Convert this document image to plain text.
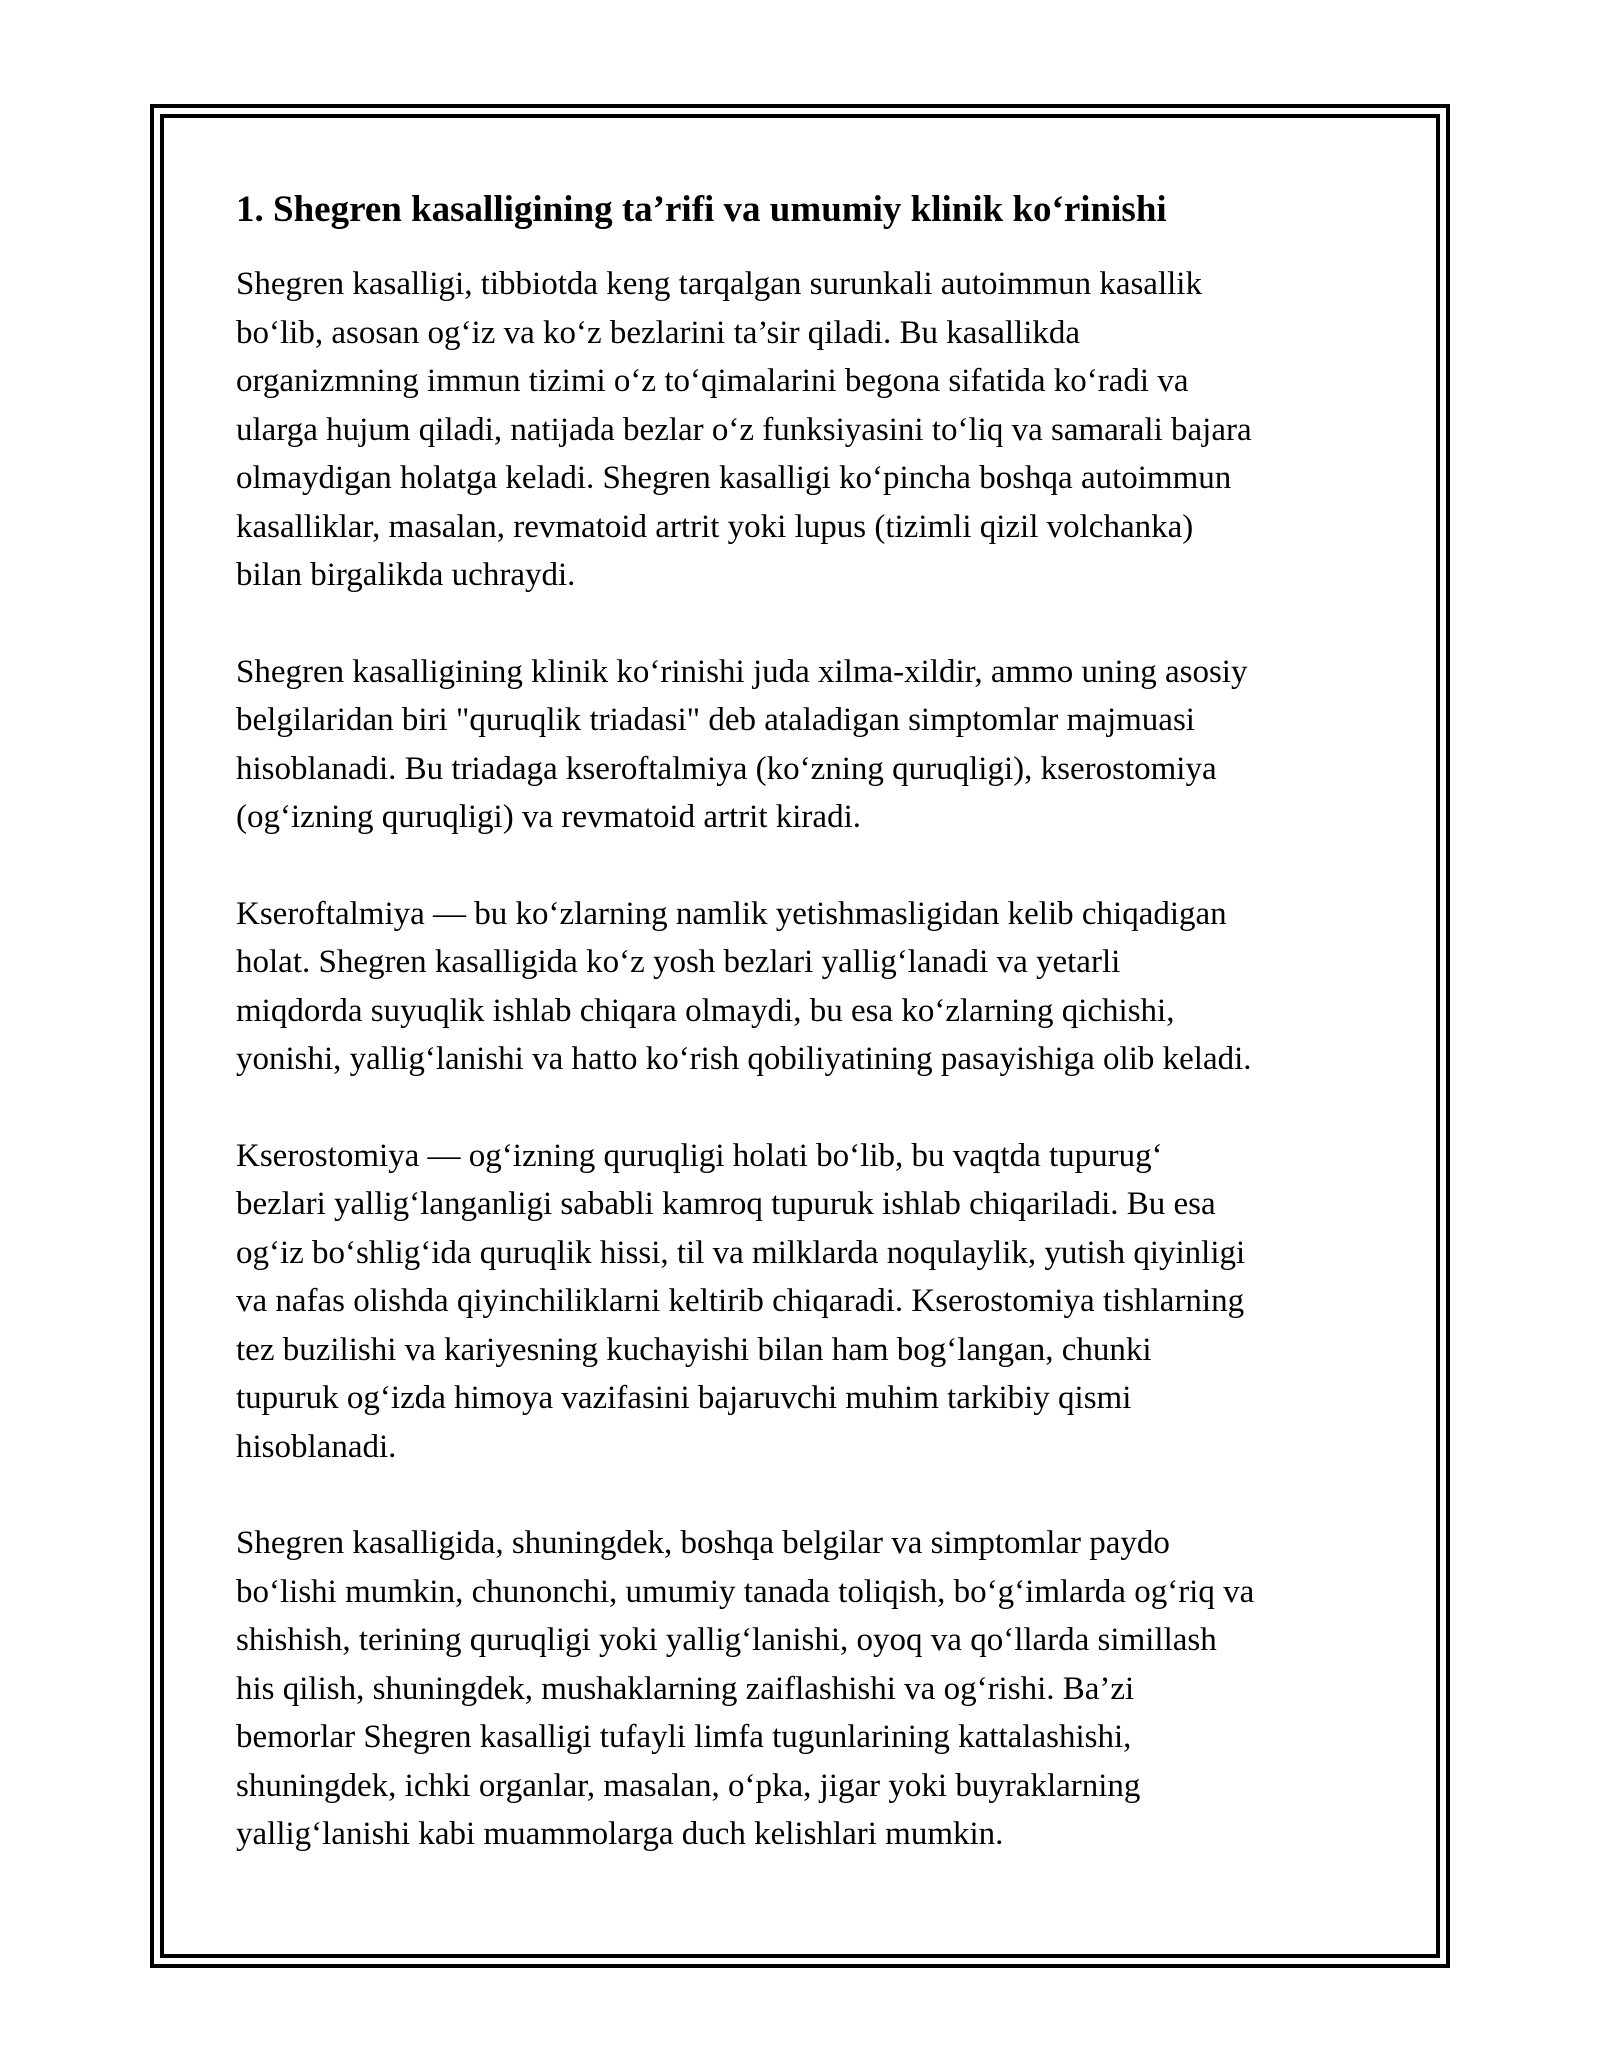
1. Shegren kasalligining ta’rifi va umumiy klinik ko‘rinishi
Shegren kasalligi, tibbiotda keng tarqalgan surunkali autoimmun kasallik
bo‘lib, asosan og‘iz va ko‘z bezlarini ta’sir qiladi. Bu kasallikda
organizmning immun tizimi o‘z to‘qimalarini begona sifatida ko‘radi va
ularga hujum qiladi, natijada bezlar o‘z funksiyasini to‘liq va samarali bajara
olmaydigan holatga keladi. Shegren kasalligi ko‘pincha boshqa autoimmun
kasalliklar, masalan, revmatoid artrit yoki lupus (tizimli qizil volchanka)
bilan birgalikda uchraydi.
Shegren kasalligining klinik ko‘rinishi juda xilma-xildir, ammo uning asosiy
belgilaridan biri "quruqlik triadasi" deb ataladigan simptomlar majmuasi
hisoblanadi. Bu triadaga kseroftalmiya (ko‘zning quruqligi), kserostomiya
(og‘izning quruqligi) va revmatoid artrit kiradi.
Kseroftalmiya — bu ko‘zlarning namlik yetishmasligidan kelib chiqadigan
holat. Shegren kasalligida ko‘z yosh bezlari yallig‘lanadi va yetarli
miqdorda suyuqlik ishlab chiqara olmaydi, bu esa ko‘zlarning qichishi,
yonishi, yallig‘lanishi va hatto ko‘rish qobiliyatining pasayishiga olib keladi.
Kserostomiya — og‘izning quruqligi holati bo‘lib, bu vaqtda tupurug‘
bezlari yallig‘langanligi sababli kamroq tupuruk ishlab chiqariladi. Bu esa
og‘iz bo‘shlig‘ida quruqlik hissi, til va milklarda noqulaylik, yutish qiyinligi
va nafas olishda qiyinchiliklarni keltirib chiqaradi. Kserostomiya tishlarning
tez buzilishi va kariyesning kuchayishi bilan ham bog‘langan, chunki
tupuruk og‘izda himoya vazifasini bajaruvchi muhim tarkibiy qismi
hisoblanadi.
Shegren kasalligida, shuningdek, boshqa belgilar va simptomlar paydo
bo‘lishi mumkin, chunonchi, umumiy tanada toliqish, bo‘g‘imlarda og‘riq va
shishish, terining quruqligi yoki yallig‘lanishi, oyoq va qo‘llarda simillash
his qilish, shuningdek, mushaklarning zaiflashishi va og‘rishi. Ba’zi
bemorlar Shegren kasalligi tufayli limfa tugunlarining kattalashishi,
shuningdek, ichki organlar, masalan, o‘pka, jigar yoki buyraklarning
yallig‘lanishi kabi muammolarga duch kelishlari mumkin.
